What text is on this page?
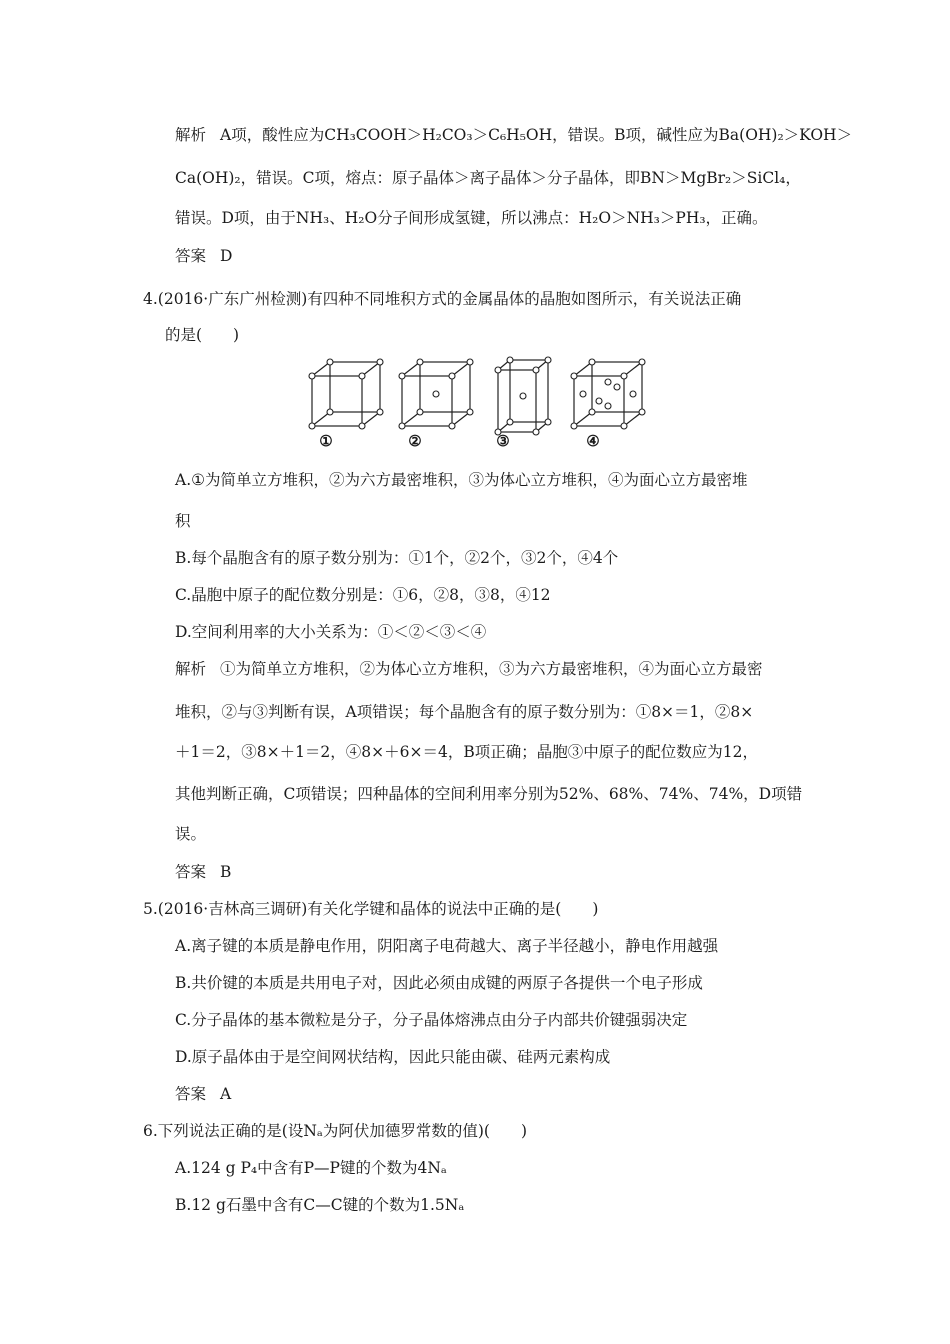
解析 A项，酸性应为CH₃COOH＞H₂CO₃＞C₆H₅OH，错误。B项，碱性应为Ba(OH)₂＞KOH＞
Ca(OH)₂，错误。C项，熔点：原子晶体＞离子晶体＞分子晶体，即BN＞MgBr₂＞SiCl₄，
错误。D项，由于NH₃、H₂O分子间形成氢键，所以沸点：H₂O＞NH₃＞PH₃，正确。
答案 D
4.(2016·广东广州检测)有四种不同堆积方式的金属晶体的晶胞如图所示，有关说法正确
的是(　　)
①	②	③	④
A.①为简单立方堆积，②为六方最密堆积，③为体心立方堆积，④为面心立方最密堆
积
B.每个晶胞含有的原子数分别为：①1个，②2个，③2个，④4个
C.晶胞中原子的配位数分别是：①6，②8，③8，④12
D.空间利用率的大小关系为：①＜②＜③＜④
解析 ①为简单立方堆积，②为体心立方堆积，③为六方最密堆积，④为面心立方最密
堆积，②与③判断有误，A项错误；每个晶胞含有的原子数分别为：①8×＝1，②8×
＋1＝2，③8×＋1＝2，④8×＋6×＝4，B项正确；晶胞③中原子的配位数应为12，
其他判断正确，C项错误；四种晶体的空间利用率分别为52%、68%、74%、74%，D项错
误。
答案 B
5.(2016·吉林高三调研)有关化学键和晶体的说法中正确的是(　　)
A.离子键的本质是静电作用，阴阳离子电荷越大、离子半径越小，静电作用越强
B.共价键的本质是共用电子对，因此必须由成键的两原子各提供一个电子形成
C.分子晶体的基本微粒是分子，分子晶体熔沸点由分子内部共价键强弱决定
D.原子晶体由于是空间网状结构，因此只能由碳、硅两元素构成
答案 A
6.下列说法正确的是(设Nₐ为阿伏加德罗常数的值)(　　)
A.124 g P₄中含有P—P键的个数为4Nₐ
B.12 g石墨中含有C—C键的个数为1.5Nₐ
